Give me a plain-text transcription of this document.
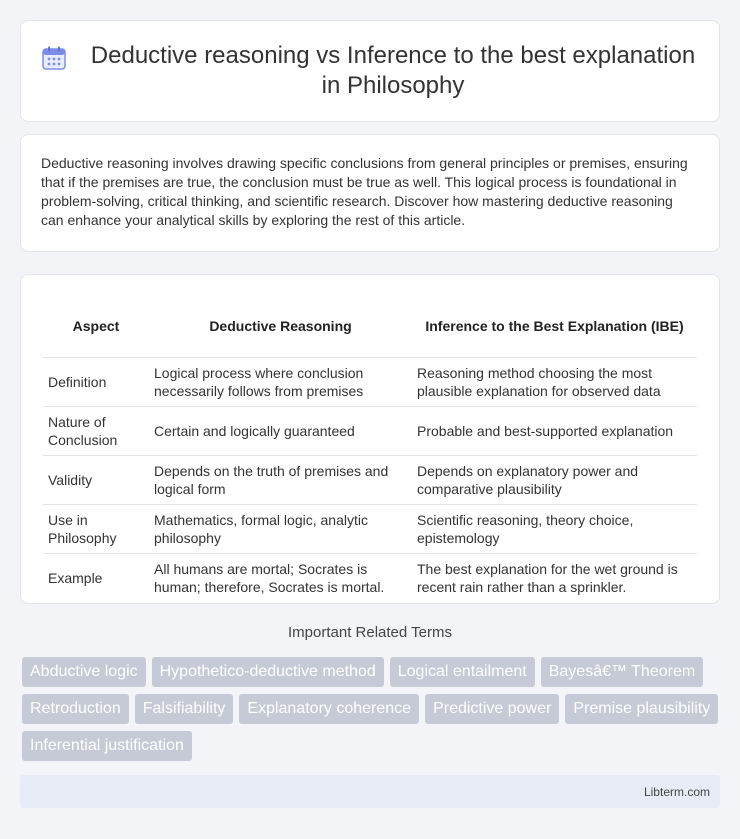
Deductive reasoning vs Inference to the best explanation in Philosophy

Deductive reasoning involves drawing specific conclusions from general principles or premises, ensuring that if the premises are true, the conclusion must be true as well. This logical process is foundational in problem-solving, critical thinking, and scientific research. Discover how mastering deductive reasoning can enhance your analytical skills by exploring the rest of this article.

Aspect	Deductive Reasoning	Inference to the Best Explanation (IBE)
Definition	Logical process where conclusion necessarily follows from premises	Reasoning method choosing the most plausible explanation for observed data
Nature of Conclusion	Certain and logically guaranteed	Probable and best-supported explanation
Validity	Depends on the truth of premises and logical form	Depends on explanatory power and comparative plausibility
Use in Philosophy	Mathematics, formal logic, analytic philosophy	Scientific reasoning, theory choice, epistemology
Example	All humans are mortal; Socrates is human; therefore, Socrates is mortal.	The best explanation for the wet ground is recent rain rather than a sprinkler.
Important Related Terms
Abductive logic	Hypothetico-deductive method	Logical entailment	Bayesâ€™ Theorem
Retroduction	Falsifiability	Explanatory coherence	Predictive power	Premise plausibility
Inferential justification
Libterm.com
